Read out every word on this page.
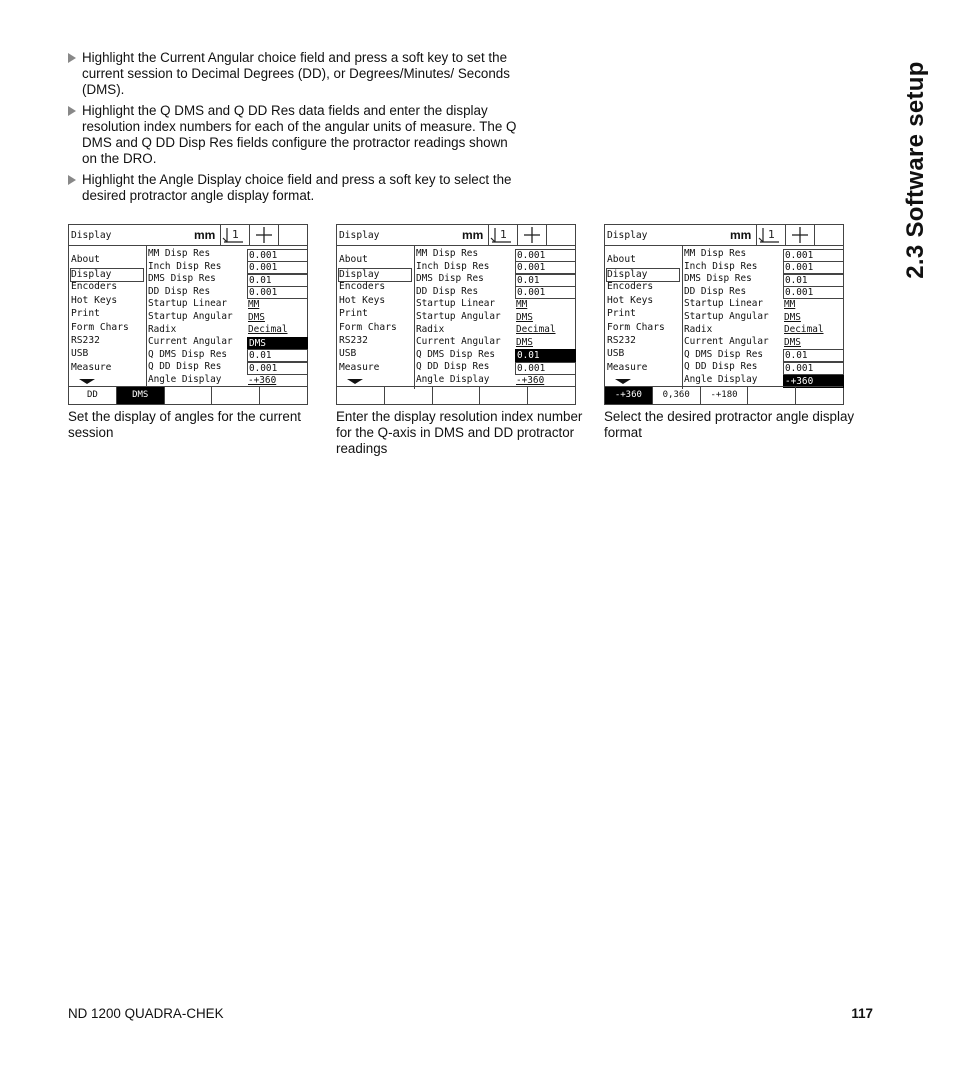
Highlight the Current Angular choice field and press a soft key to set the current session to Decimal Degrees (DD), or Degrees/Minutes/ Seconds (DMS).
Highlight the Q DMS and Q DD Res data fields and enter the display resolution index numbers for each of the angular units of measure. The Q DMS and Q DD Disp Res fields configure the protractor readings shown on the DRO.
Highlight the Angle Display choice field and press a soft key to select the desired protractor angle display format.	2.3 Software setup
Display	mm 1
About
Display
Encoders
Hot Keys
Print
Form Chars
RS232
USB
Measure
MM Disp Res	0.001
Inch Disp Res	0.001
DMS Disp Res	0.01
DD Disp Res	0.001
Startup Linear MM
Startup Angular DMS
Radix	Decimal
Current Angular DMS
Q DMS Disp Res 0.01
Q DD Disp Res	0.001
Angle Display	-+360
DD	DMS
Display	mm 1
About
Display
Encoders
Hot Keys
Print
Form Chars
RS232
USB
Measure
MM Disp Res	0.001
Inch Disp Res	0.001
DMS Disp Res	0.01
DD Disp Res	0.001
Startup Linear MM
Startup Angular DMS
Radix	Decimal
Current Angular DMS
Q DMS Disp Res 0.01
Q DD Disp Res	0.001
Angle Display	-+360
Display	mm 1
About
Display
Encoders
Hot Keys
Print
Form Chars
RS232
USB
Measure
MM Disp Res	0.001
Inch Disp Res	0.001
DMS Disp Res	0.01
DD Disp Res	0.001
Startup Linear MM
Startup Angular DMS
Radix	Decimal
Current Angular DMS
Q DMS Disp Res 0.01
Q DD Disp Res	0.001
Angle Display	-+360
-+360	0,360	-+180
Set the display of angles for the current session
Enter the display resolution index number for the Q-axis in DMS and DD protractor readings
Select the desired protractor angle display format
ND 1200 QUADRA-CHEK	117
